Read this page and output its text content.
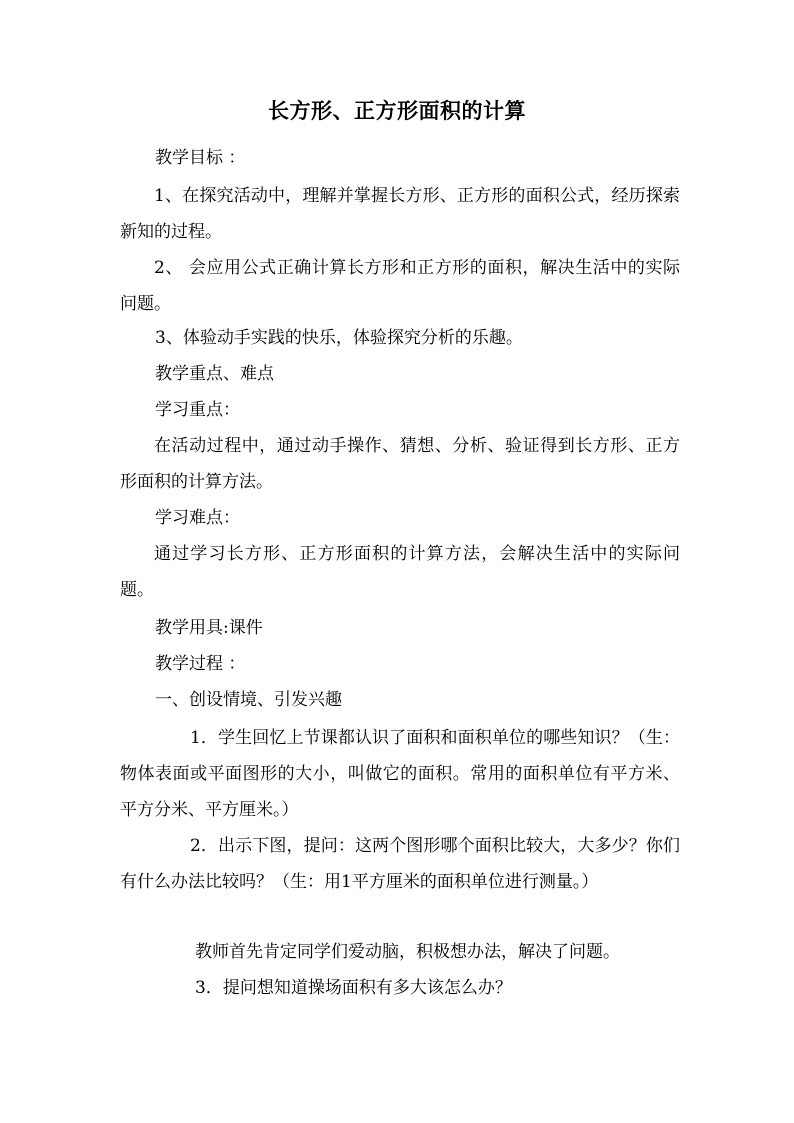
长方形、正方形面积的计算
教学目标 ：
1、在探究活动中，理解并掌握长方形、正方形的面积公式，经历探索新知的过程。
2、 会应用公式正确计算长方形和正方形的面积，解决生活中的实际问题。
3、体验动手实践的快乐，体验探究分析的乐趣。
教学重点、难点
学习重点：
在活动过程中，通过动手操作、猜想、分析、验证得到长方形、正方形面积的计算方法。
学习难点：
通过学习长方形、正方形面积的计算方法，会解决生活中的实际问题。
教学用具:课件
教学过程 ：
一、创设情境、引发兴趣
1．学生回忆上节课都认识了面积和面积单位的哪些知识？（生：物体表面或平面图形的大小，叫做它的面积。常用的面积单位有平方米、平方分米、平方厘米。）
2．出示下图，提问：这两个图形哪个面积比较大，大多少？你们有什么办法比较吗？（生：用1平方厘米的面积单位进行测量。）
教师首先肯定同学们爱动脑，积极想办法，解决了问题。
3．提问想知道操场面积有多大该怎么办？
